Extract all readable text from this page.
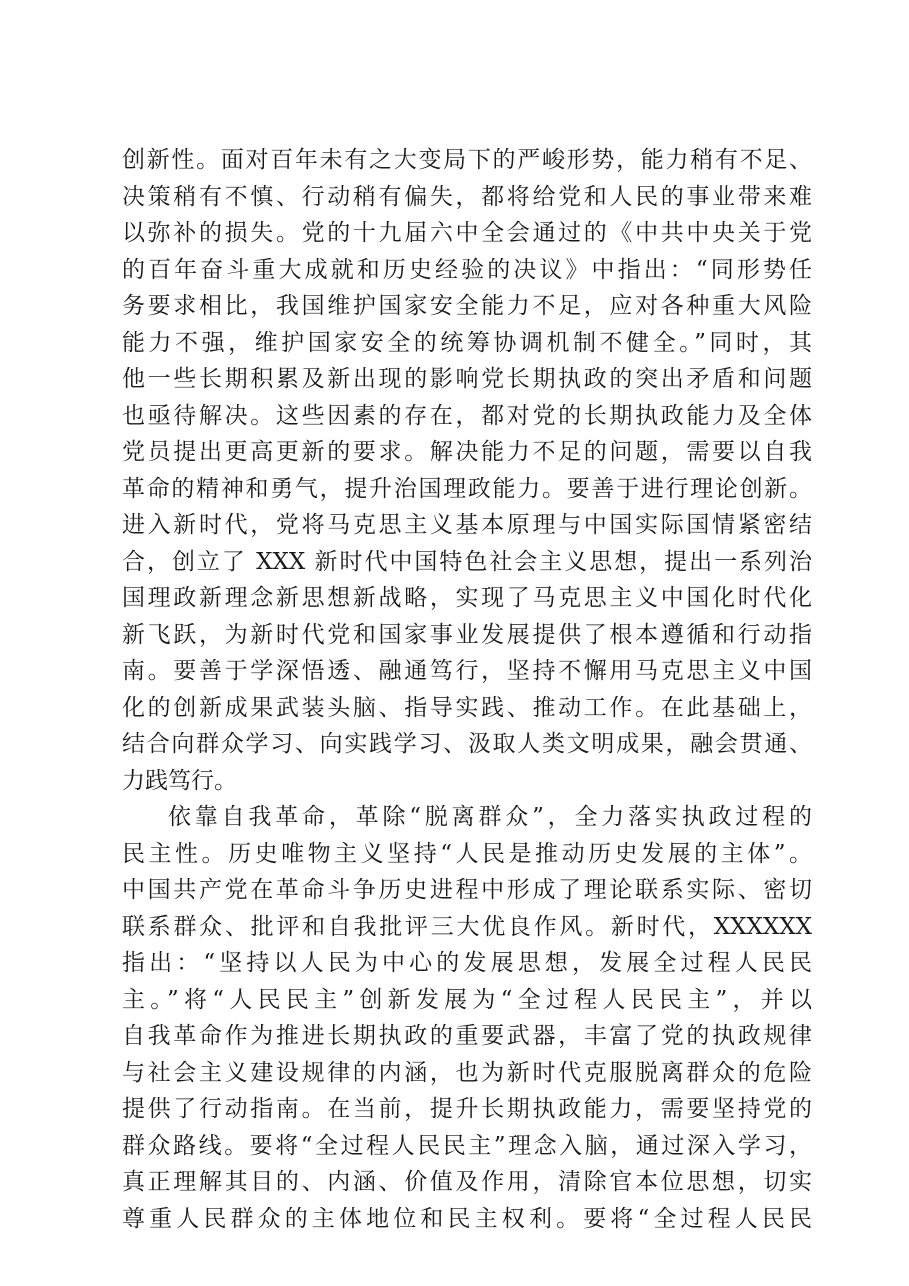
创新性。面对百年未有之大变局下的严峻形势，能力稍有不足、
决策稍有不慎、行动稍有偏失，都将给党和人民的事业带来难
以弥补的损失。党的十九届六中全会通过的《中共中央关于党
的百年奋斗重大成就和历史经验的决议》中指出：“同形势任
务要求相比，我国维护国家安全能力不足，应对各种重大风险
能力不强，维护国家安全的统筹协调机制不健全。”同时，其
他一些长期积累及新出现的影响党长期执政的突出矛盾和问题
也亟待解决。这些因素的存在，都对党的长期执政能力及全体
党员提出更高更新的要求。解决能力不足的问题，需要以自我
革命的精神和勇气，提升治国理政能力。要善于进行理论创新。
进入新时代，党将马克思主义基本原理与中国实际国情紧密结
合，创立了 XXX 新时代中国特色社会主义思想，提出一系列治
国理政新理念新思想新战略，实现了马克思主义中国化时代化
新飞跃，为新时代党和国家事业发展提供了根本遵循和行动指
南。要善于学深悟透、融通笃行，坚持不懈用马克思主义中国
化的创新成果武装头脑、指导实践、推动工作。在此基础上，
结合向群众学习、向实践学习、汲取人类文明成果，融会贯通、
力践笃行。
依靠自我革命，革除“脱离群众”，全力落实执政过程的
民主性。历史唯物主义坚持“人民是推动历史发展的主体”。
中国共产党在革命斗争历史进程中形成了理论联系实际、密切
联系群众、批评和自我批评三大优良作风。新时代，XXXXXX
指出：“坚持以人民为中心的发展思想，发展全过程人民民
主。”将“人民民主”创新发展为“全过程人民民主”，并以
自我革命作为推进长期执政的重要武器，丰富了党的执政规律
与社会主义建设规律的内涵，也为新时代克服脱离群众的危险
提供了行动指南。在当前，提升长期执政能力，需要坚持党的
群众路线。要将“全过程人民民主”理念入脑，通过深入学习，
真正理解其目的、内涵、价值及作用，清除官本位思想，切实
尊重人民群众的主体地位和民主权利。要将“全过程人民民
